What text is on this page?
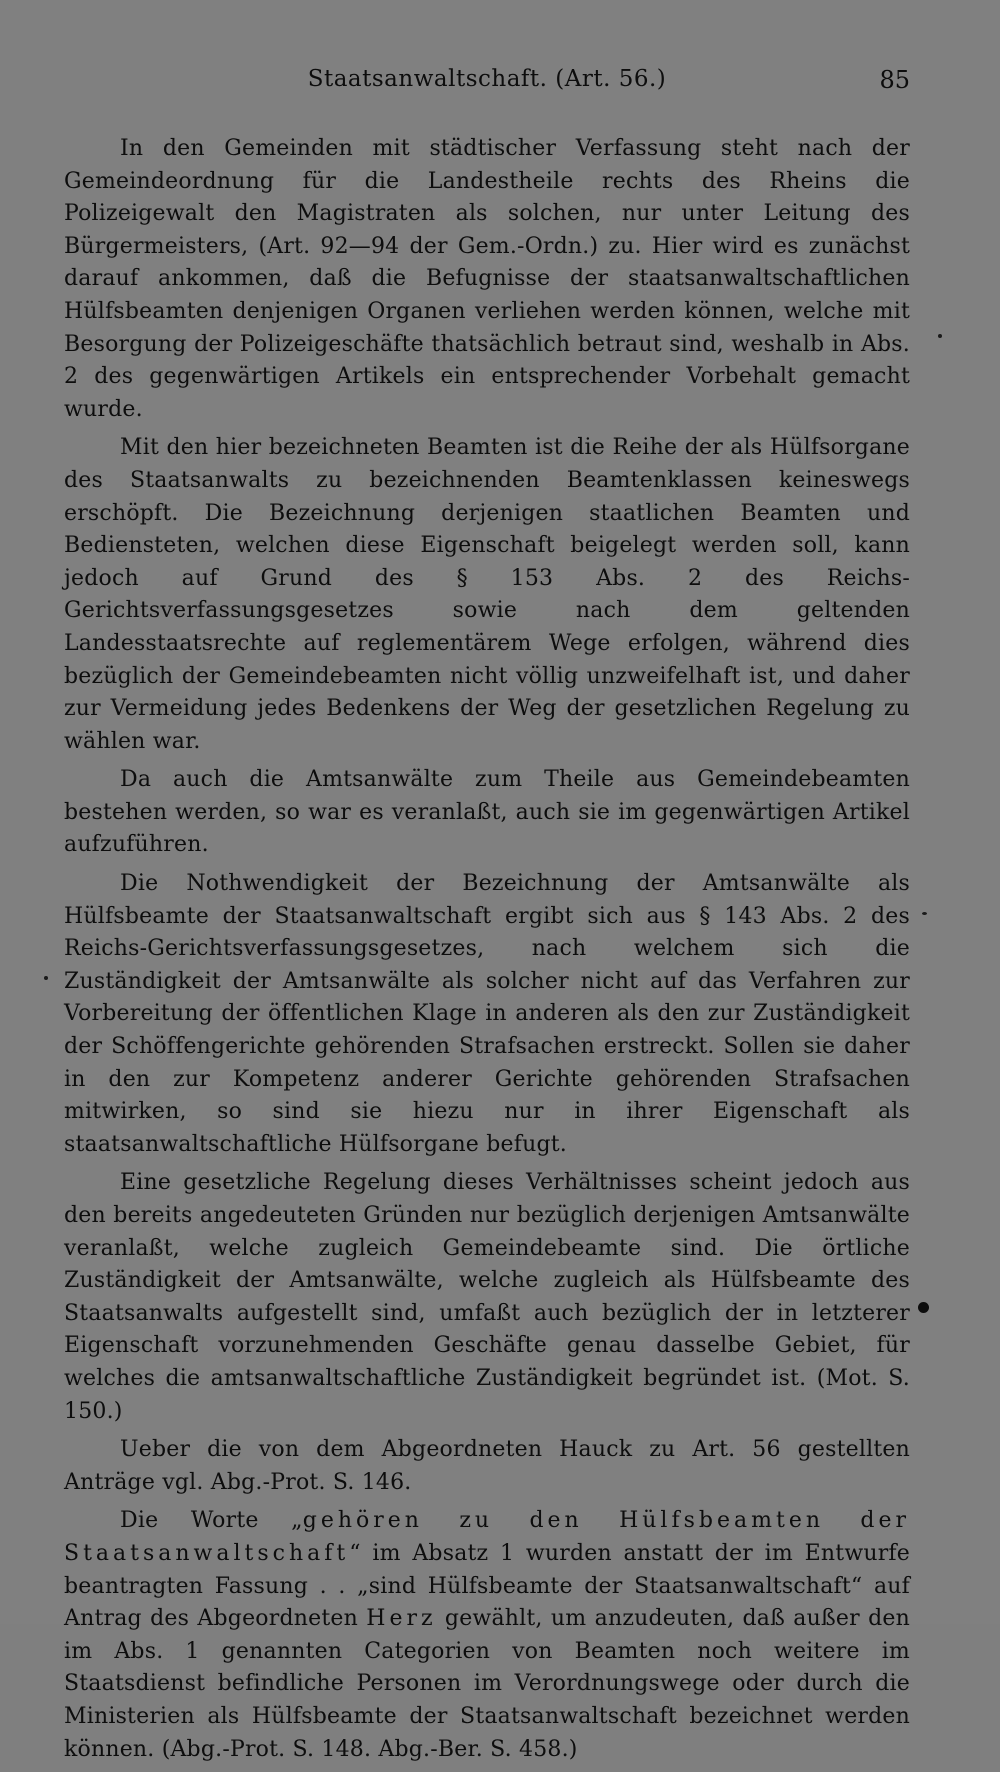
Staatsanwaltschaft. (Art. 56.)	85

In den Gemeinden mit städtischer Verfassung steht nach der Gemeindeordnung für die Landestheile rechts des Rheins die Polizeigewalt den Magistraten als solchen, nur unter Leitung des Bürgermeisters, (Art. 92—94 der Gem.-Ordn.) zu. Hier wird es zunächst darauf ankommen, daß die Befugnisse der staatsanwaltschaftlichen Hülfsbeamten denjenigen Organen verliehen werden können, welche mit Besorgung der Polizeigeschäfte thatsächlich betraut sind, weshalb in Abs. 2 des gegenwärtigen Artikels ein entsprechender Vorbehalt gemacht wurde.

Mit den hier bezeichneten Beamten ist die Reihe der als Hülfsorgane des Staatsanwalts zu bezeichnenden Beamtenklassen keineswegs erschöpft. Die Bezeichnung derjenigen staatlichen Beamten und Bediensteten, welchen diese Eigenschaft beigelegt werden soll, kann jedoch auf Grund des § 153 Abs. 2 des Reichs-Gerichtsverfassungsgesetzes sowie nach dem geltenden Landesstaatsrechte auf reglementärem Wege erfolgen, während dies bezüglich der Gemeindebeamten nicht völlig unzweifelhaft ist, und daher zur Vermeidung jedes Bedenkens der Weg der gesetzlichen Regelung zu wählen war.

Da auch die Amtsanwälte zum Theile aus Gemeindebeamten bestehen werden, so war es veranlaßt, auch sie im gegenwärtigen Artikel aufzuführen.

Die Nothwendigkeit der Bezeichnung der Amtsanwälte als Hülfsbeamte der Staatsanwaltschaft ergibt sich aus § 143 Abs. 2 des Reichs-Gerichtsverfassungsgesetzes, nach welchem sich die Zuständigkeit der Amtsanwälte als solcher nicht auf das Verfahren zur Vorbereitung der öffentlichen Klage in anderen als den zur Zuständigkeit der Schöffengerichte gehörenden Strafsachen erstreckt. Sollen sie daher in den zur Kompetenz anderer Gerichte gehörenden Strafsachen mitwirken, so sind sie hiezu nur in ihrer Eigenschaft als staatsanwaltschaftliche Hülfsorgane befugt.

Eine gesetzliche Regelung dieses Verhältnisses scheint jedoch aus den bereits angedeuteten Gründen nur bezüglich derjenigen Amtsanwälte veranlaßt, welche zugleich Gemeindebeamte sind. Die örtliche Zuständigkeit der Amtsanwälte, welche zugleich als Hülfsbeamte des Staatsanwalts aufgestellt sind, umfaßt auch bezüglich der in letzterer Eigenschaft vorzunehmenden Geschäfte genau dasselbe Gebiet, für welches die amtsanwaltschaftliche Zuständigkeit begründet ist. (Mot. S. 150.)

Ueber die von dem Abgeordneten Hauck zu Art. 56 gestellten Anträge vgl. Abg.-Prot. S. 146.

Die Worte „gehören zu den Hülfsbeamten der Staatsanwaltschaft“ im Absatz 1 wurden anstatt der im Entwurfe beantragten Fassung . . „sind Hülfsbeamte der Staatsanwaltschaft“ auf Antrag des Abgeordneten Herz gewählt, um anzudeuten, daß außer den im Abs. 1 genannten Categorien von Beamten noch weitere im Staatsdienst befindliche Personen im Verordnungswege oder durch die Ministerien als Hülfsbeamte der Staatsanwaltschaft bezeichnet werden können. (Abg.-Prot. S. 148. Abg.-Ber. S. 458.)
